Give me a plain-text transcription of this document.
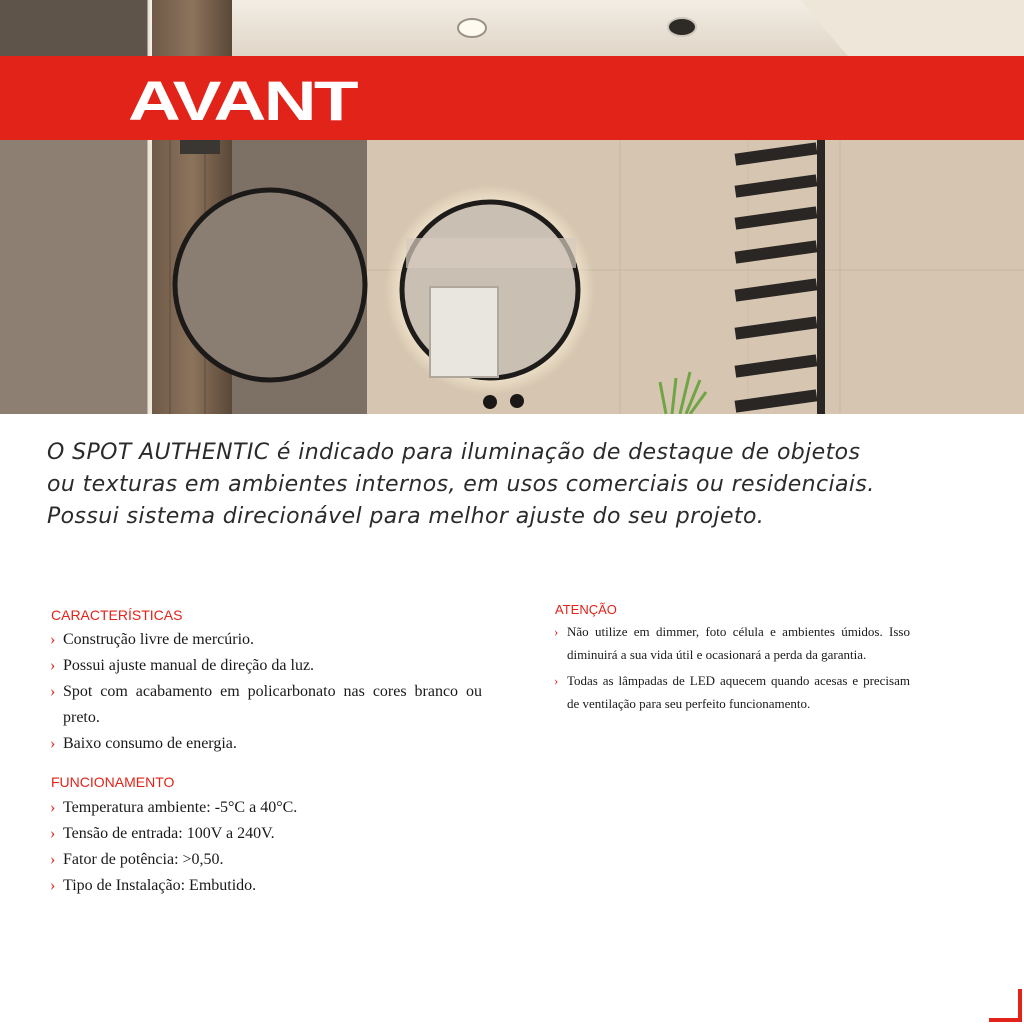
AVANT

O SPOT AUTHENTIC é indicado para iluminação de destaque de objetos
ou texturas em ambientes internos, em usos comerciais ou residenciais.
Possui sistema direcionável para melhor ajuste do seu projeto.

CARACTERÍSTICAS
› Construção livre de mercúrio.
› Possui ajuste manual de direção da luz.
› Spot com acabamento em policarbonato nas cores branco ou preto.
› Baixo consumo de energia.
FUNCIONAMENTO
› Temperatura ambiente: -5°C a 40°C.
› Tensão de entrada: 100V a 240V.
› Fator de potência: >0,50.
› Tipo de Instalação: Embutido.
ATENÇÃO
› Não utilize em dimmer, foto célula e ambientes úmidos. Isso diminuirá a sua vida útil e ocasionará a perda da garantia.
› Todas as lâmpadas de LED aquecem quando acesas e precisam de ventilação para seu perfeito funcionamento.
